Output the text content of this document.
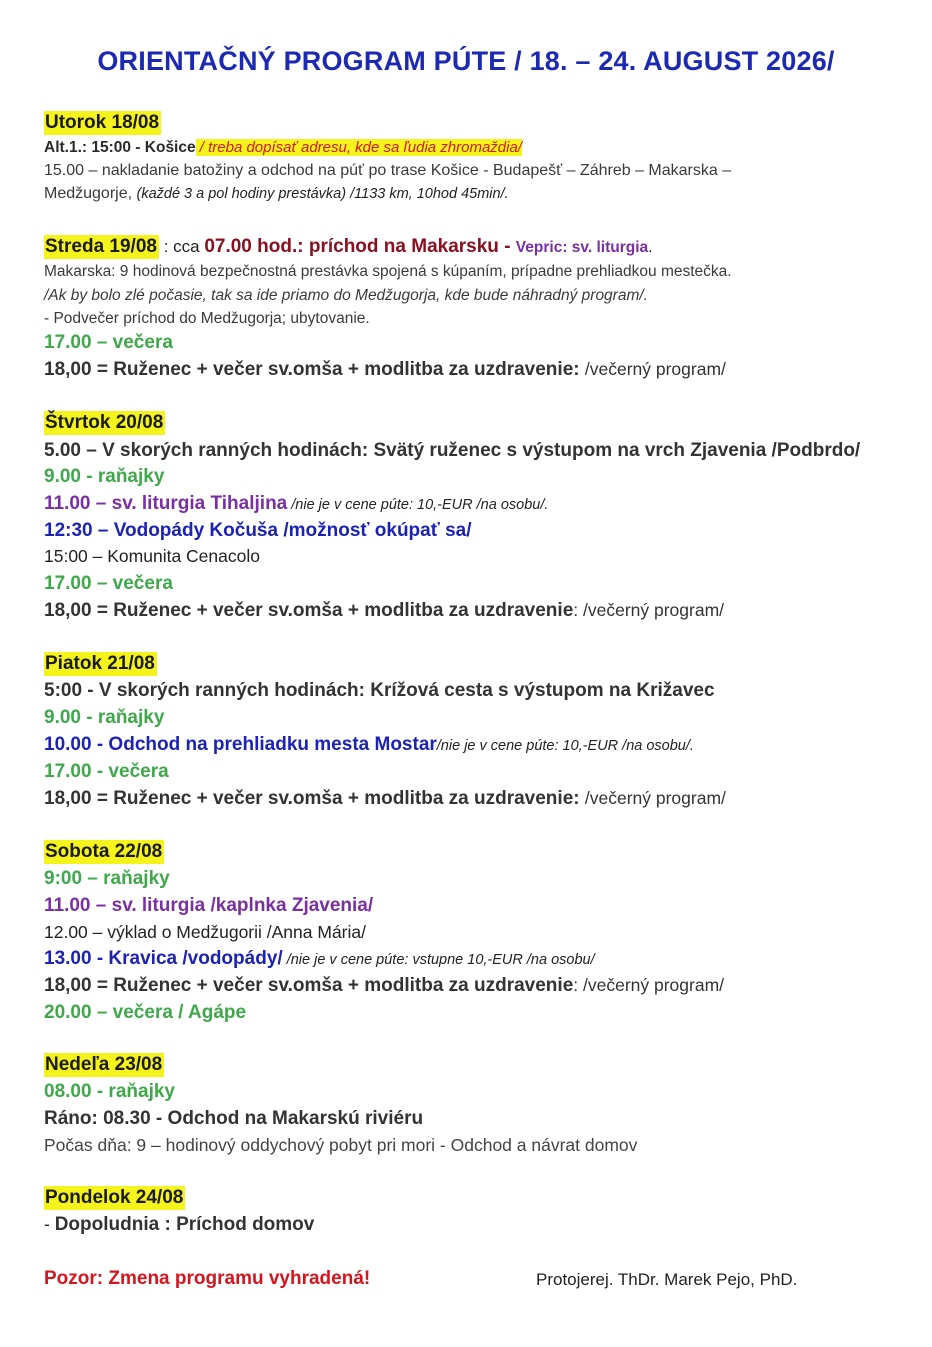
ORIENTAČNÝ PROGRAM PÚTE / 18. – 24. AUGUST 2026/
Utorok 18/08
Alt.1.: 15:00 - Košice / treba dopísať adresu, kde sa ľudia zhromaždia/
15.00 – nakladanie batožiny a odchod na púť po trase Košice - Budapešť – Záhreb – Makarska –
Medžugorje, (každé 3 a pol hodiny prestávka) /1133 km, 10hod 45min/.
Streda 19/08 : cca 07.00 hod.: príchod na Makarsku - Vepric: sv. liturgia.
Makarska: 9 hodinová bezpečnostná prestávka spojená s kúpaním, prípadne prehliadkou mestečka.
/Ak by bolo zlé počasie, tak sa ide priamo do Medžugorja, kde bude náhradný program/.
- Podvečer príchod do Medžugorja; ubytovanie.
17.00 – večera
18,00 = Ruženec + večer sv.omša + modlitba za uzdravenie: /večerný program/
Štvrtok 20/08
5.00 – V skorých ranných hodinách: Svätý ruženec s výstupom na vrch Zjavenia /Podbrdo/
9.00 - raňajky
11.00 – sv. liturgia Tihaljina /nie je v cene púte: 10,-EUR /na osobu/.
12:30 – Vodopády Kočuša /možnosť okúpať sa/
15:00 – Komunita Cenacolo
17.00 – večera
18,00 = Ruženec + večer sv.omša + modlitba za uzdravenie: /večerný program/
Piatok 21/08
5:00 - V skorých ranných hodinách: Krížová cesta s výstupom na Križavec
9.00 - raňajky
10.00 - Odchod na prehliadku mesta Mostar/nie je v cene púte: 10,-EUR /na osobu/.
17.00 - večera
18,00 = Ruženec + večer sv.omša + modlitba za uzdravenie: /večerný program/
Sobota 22/08
9:00 – raňajky
11.00 – sv. liturgia /kaplnka Zjavenia/
12.00 – výklad o Medžugorii /Anna Mária/
13.00 - Kravica /vodopády/ /nie je v cene púte: vstupne 10,-EUR /na osobu/
18,00 = Ruženec + večer sv.omša + modlitba za uzdravenie: /večerný program/
20.00 – večera / Agápe
Nedeľa 23/08
08.00 - raňajky
Ráno: 08.30 - Odchod na Makarskú riviéru
Počas dňa: 9 – hodinový oddychový pobyt pri mori - Odchod a návrat domov
Pondelok 24/08
- Dopoludnia : Príchod domov
Pozor: Zmena programu vyhradená!	Protojerej. ThDr. Marek Pejo, PhD.
